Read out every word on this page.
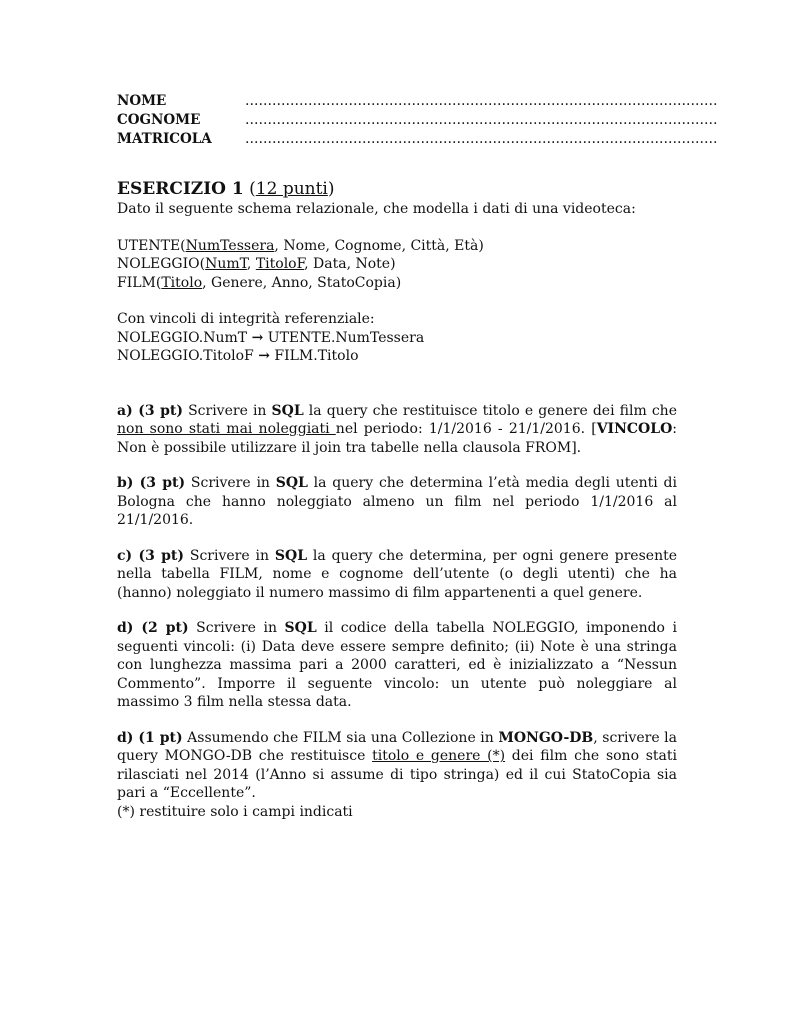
NOME	……………………………………………………………………………………………
COGNOME	……………………………………………………………………………………………
MATRICOLA	……………………………………………………………………………………………
ESERCIZIO 1 (12 punti)

Dato il seguente schema relazionale, che modella i dati di una videoteca:

UTENTE(NumTessera, Nome, Cognome, Città, Età)

NOLEGGIO(NumT, TitoloF, Data, Note)

FILM(Titolo, Genere, Anno, StatoCopia)

Con vincoli di integrità referenziale:

NOLEGGIO.NumT → UTENTE.NumTessera

NOLEGGIO.TitoloF → FILM.Titolo

a) (3 pt) Scrivere in SQL la query che restituisce titolo e genere dei film che non sono stati mai noleggiati nel periodo: 1/1/2016 - 21/1/2016. [VINCOLO: Non è possibile utilizzare il join tra tabelle nella clausola FROM].

b) (3 pt) Scrivere in SQL la query che determina l’età media degli utenti di Bologna che hanno noleggiato almeno un film nel periodo 1/1/2016 al 21/1/2016.

c) (3 pt) Scrivere in SQL la query che determina, per ogni genere presente nella tabella FILM, nome e cognome dell’utente (o degli utenti) che ha (hanno) noleggiato il numero massimo di film appartenenti a quel genere.

d) (2 pt) Scrivere in SQL il codice della tabella NOLEGGIO, imponendo i seguenti vincoli: (i) Data deve essere sempre definito; (ii) Note è una stringa con lunghezza massima pari a 2000 caratteri, ed è inizializzato a “Nessun Commento”. Imporre il seguente vincolo: un utente può noleggiare al massimo 3 film nella stessa data.

d) (1 pt) Assumendo che FILM sia una Collezione in MONGO-DB, scrivere la query MONGO-DB che restituisce titolo e genere (*) dei film che sono stati rilasciati nel 2014 (l’Anno si assume di tipo stringa) ed il cui StatoCopia sia pari a “Eccellente”.

(*) restituire solo i campi indicati
